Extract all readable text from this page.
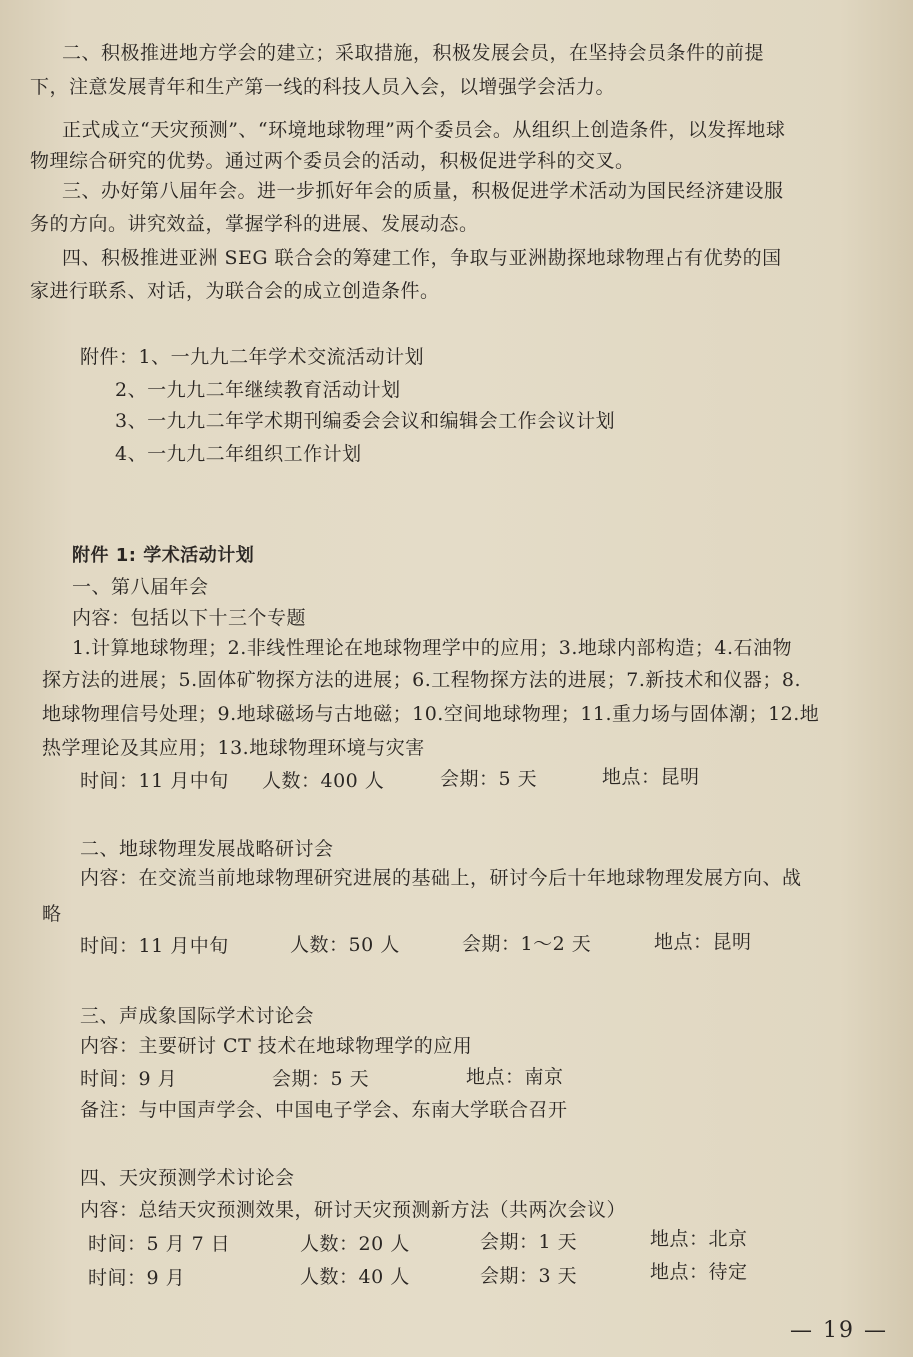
二、积极推进地方学会的建立；采取措施，积极发展会员，在坚持会员条件的前提
下，注意发展青年和生产第一线的科技人员入会，以增强学会活力。
正式成立“天灾预测”、“环境地球物理”两个委员会。从组织上创造条件，以发挥地球
物理综合研究的优势。通过两个委员会的活动，积极促进学科的交叉。
三、办好第八届年会。进一步抓好年会的质量，积极促进学术活动为国民经济建设服
务的方向。讲究效益，掌握学科的进展、发展动态。
四、积极推进亚洲 SEG 联合会的筹建工作，争取与亚洲勘探地球物理占有优势的国
家进行联系、对话，为联合会的成立创造条件。
附件：1、一九九二年学术交流活动计划
2、一九九二年继续教育活动计划
3、一九九二年学术期刊编委会会议和编辑会工作会议计划
4、一九九二年组织工作计划
附件 1: 学术活动计划
一、第八届年会
内容：包括以下十三个专题
1.计算地球物理；2.非线性理论在地球物理学中的应用；3.地球内部构造；4.石油物
探方法的进展；5.固体矿物探方法的进展；6.工程物探方法的进展；7.新技术和仪器；8.
地球物理信号处理；9.地球磁场与古地磁；10.空间地球物理；11.重力场与固体潮；12.地
热学理论及其应用；13.地球物理环境与灾害
时间：11 月中旬 人数：400 人	会期：5 天	地点：昆明
二、地球物理发展战略研讨会
内容：在交流当前地球物理研究进展的基础上，研讨今后十年地球物理发展方向、战
略
时间：11 月中旬	人数：50 人	会期：1～2 天	地点：昆明
三、声成象国际学术讨论会
内容：主要研讨 CT 技术在地球物理学的应用
时间：9 月	会期：5 天	地点：南京
备注：与中国声学会、中国电子学会、东南大学联合召开
四、天灾预测学术讨论会
内容：总结天灾预测效果，研讨天灾预测新方法（共两次会议）
时间：5 月 7 日	人数：20 人	会期：1 天	地点：北京
时间：9 月	人数：40 人	会期：3 天	地点：待定
— 19 —
